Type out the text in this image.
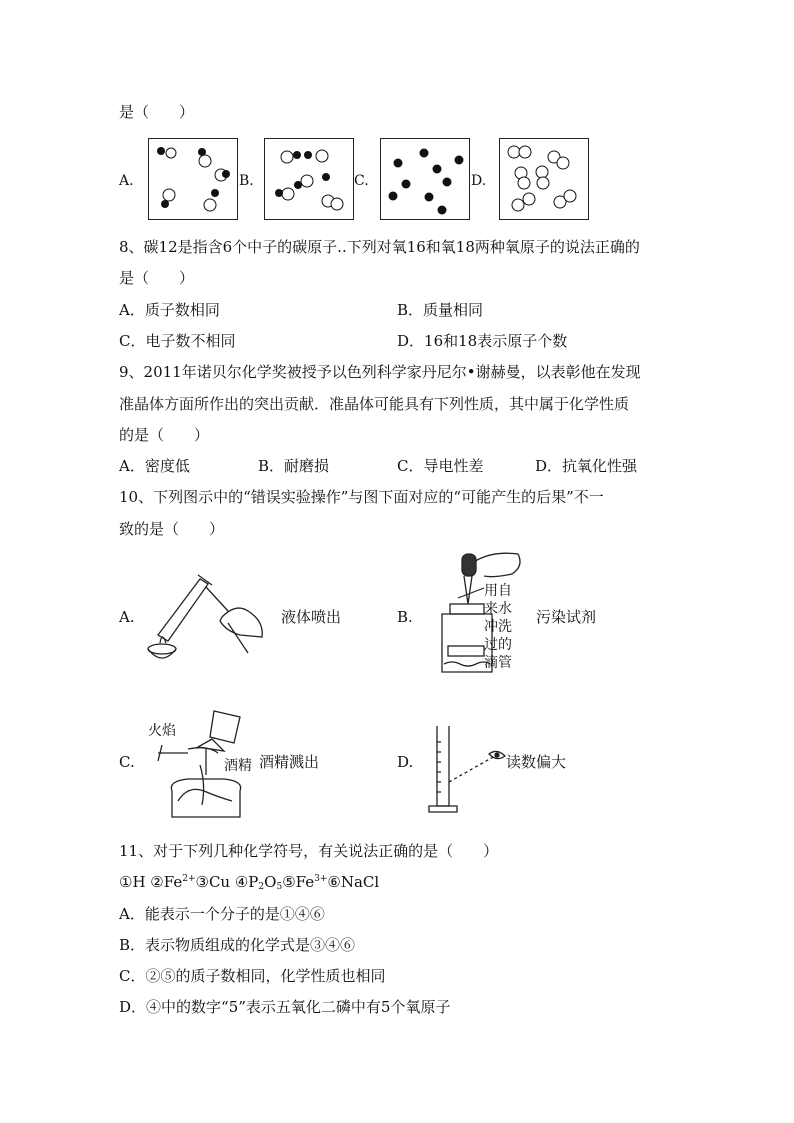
是（　　）
A.	B.	C.	D.
8、碳12是指含6个中子的碳原子..下列对氧16和氧18两种氧原子的说法正确的
是（　　）
A．质子数相同	B．质量相同
C．电子数不相同	D．16和18表示原子个数
9、2011年诺贝尔化学奖被授予以色列科学家丹尼尔•谢赫曼，以表彰他在发现
准晶体方面所作出的突出贡献．准晶体可能具有下列性质，其中属于化学性质
的是（　　）
A．密度低	B．耐磨损	C．导电性差	D．抗氧化性强
10、下列图示中的“错误实验操作”与图下面对应的“可能产生的后果”不一
致的是（　　）
A.	液体喷出	B.
用自
来水
冲洗
过的
滴管
污染试剂
C.
火焰
酒精 酒精溅出	D.	读数偏大
11、对于下列几种化学符号，有关说法正确的是（　　）
①H $②Fe^{2+}③Cu$ $④P_2O_5⑤Fe^{3+}⑥NaCl$
A．能表示一个分子的是①④⑥
B．表示物质组成的化学式是③④⑥
C．②⑤的质子数相同，化学性质也相同
D．④中的数字“5”表示五氧化二磷中有5个氧原子
